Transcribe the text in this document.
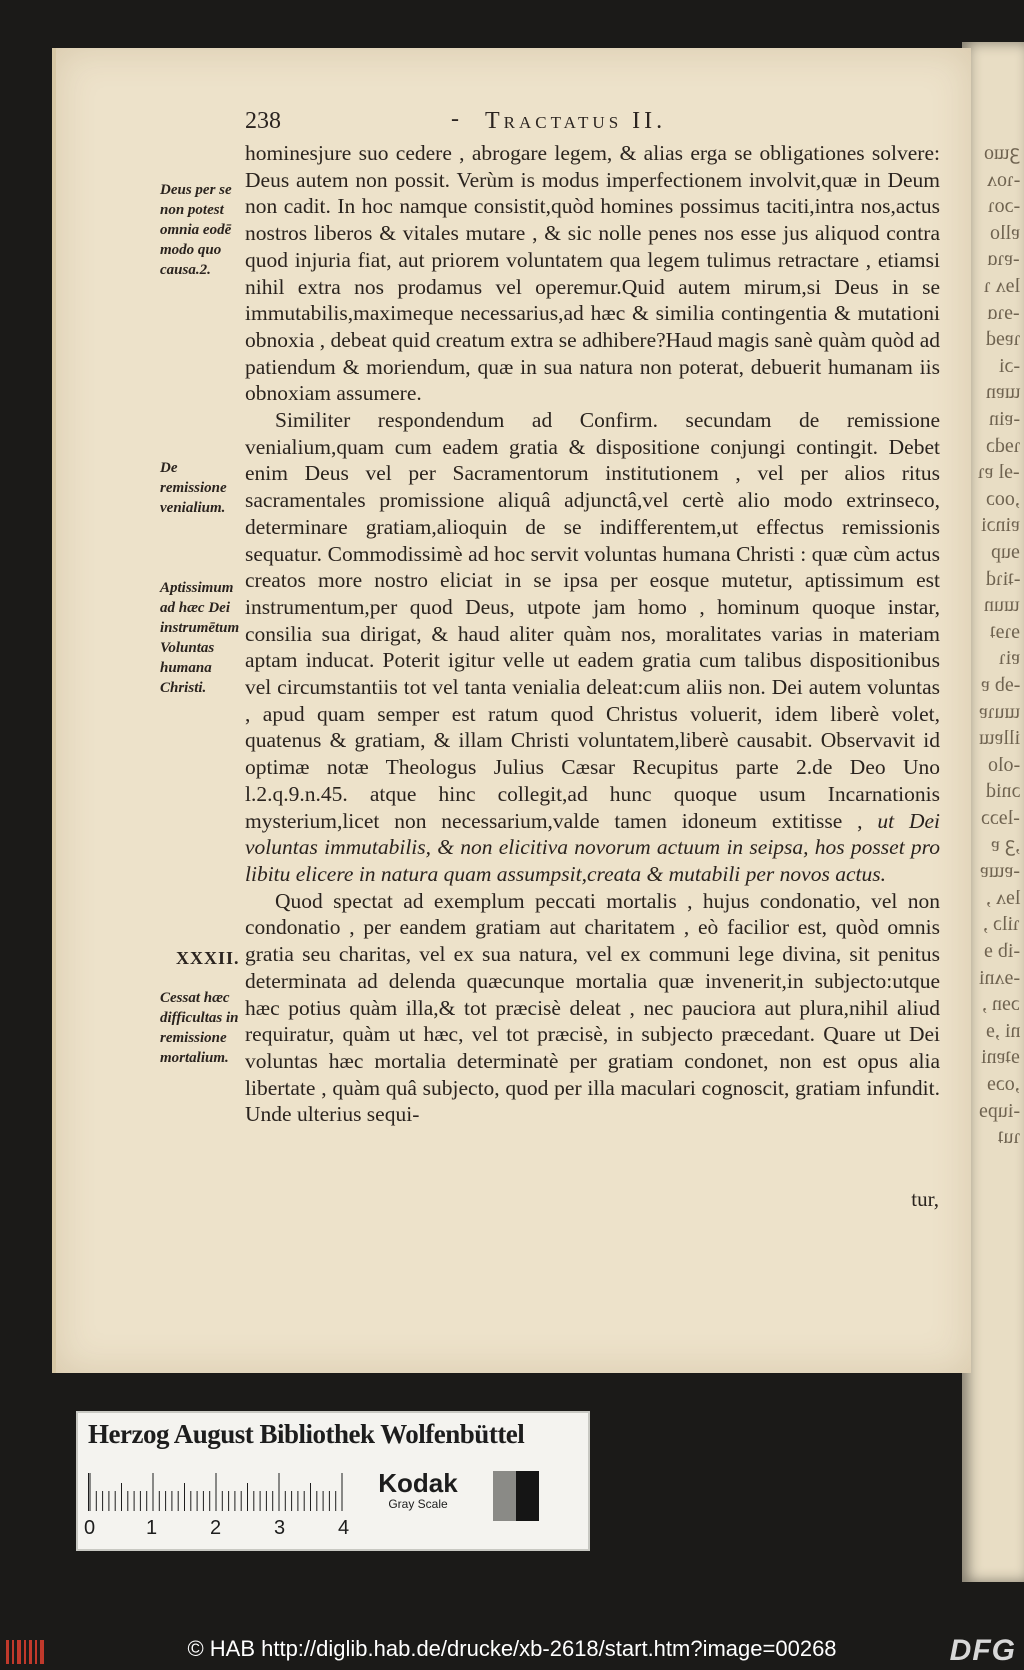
ꝫɯo
-ɿoʌ
-ɔoɿ
ɐllo
-ɐɿɑ
lɘʌ ɿ
-ɘɿɑ
ɿɐɘd
-ɔi
ɯɐn
-ɐin
ɿɘdɔ
-ɘl ɐɿ
,ooɔ
ɐinɔi
ɘup
-ʇiɿd
ɯun
ɘɿɘʇ
ɐiɿ
-ɘb ɐ
ɯuɿɐ
illɐɯ
-olo
ɔnid
-lɘɔɔ
,ꝫ ɐ
-ɐɯɐ
lɘʌ ,
ɿilɔ ,
-ib ɘ
-ɘʌni
ɔɘn ,
ni ,ɘ
ɘʇɐni
,oɔɘ
-iupɘ
ɿuʇ
238	- Tractatus II.
Deus per se non potest omnia eodē modo quo causa.2.
De remissione venialium.
Aptissimum ad hæc Dei instrumētum Voluntas humana Christi.
XXXII.
Cessat hæc difficultas in remissione mortalium.

hominesjure suo cedere , abrogare legem, & alias erga se obligationes solvere: Deus autem non possit. Verùm is modus imperfectionem involvit,quæ in Deum non cadit. In hoc namque consistit,quòd homines possimus taciti,intra nos,actus nostros liberos & vitales mutare , & sic nolle penes nos esse jus aliquod contra quod injuria fiat, aut priorem voluntatem qua legem tulimus retractare , etiamsi nihil extra nos prodamus vel operemur.Quid autem mirum,si Deus in se immutabilis,maximeque necessarius,ad hæc & similia contingentia & mutationi obnoxia , debeat quid creatum extra se adhibere?Haud magis sanè quàm quòd ad patiendum & moriendum, quæ in sua natura non poterat, debuerit humanam iis obnoxiam assumere.

Similiter respondendum ad Confirm. secundam de remissione venialium,quam cum eadem gratia & dispositione conjungi contingit. Debet enim Deus vel per Sacramentorum institutionem , vel per alios ritus sacramentales promissione aliquâ adjunctâ,vel certè alio modo extrinseco, determinare gratiam,alioquin de se indifferentem,ut effectus remissionis sequatur. Commodissimè ad hoc servit voluntas humana Christi : quæ cùm actus creatos more nostro eliciat in se ipsa per eosque mutetur, aptissimum est instrumentum,per quod Deus, utpote jam homo , hominum quoque instar, consilia sua dirigat, & haud aliter quàm nos, moralitates varias in materiam aptam inducat. Poterit igitur velle ut eadem gratia cum talibus dispositionibus vel circumstantiis tot vel tanta venialia deleat:cum aliis non. Dei autem voluntas , apud quam semper est ratum quod Christus voluerit, idem liberè volet, quatenus & gratiam, & illam Christi voluntatem,liberè causabit. Observavit id optimæ notæ Theologus Julius Cæsar Recupitus parte 2.de Deo Uno l.2.q.9.n.45. atque hinc collegit,ad hunc quoque usum Incarnationis mysterium,licet non necessarium,valde tamen idoneum extitisse , ut Dei voluntas immutabilis, & non elicitiva novorum actuum in seipsa, hos posset pro libitu elicere in natura quam assumpsit,creata & mutabili per novos actus.

Quod spectat ad exemplum peccati mortalis , hujus condonatio, vel non condonatio , per eandem gratiam aut charitatem , eò facilior est, quòd omnis gratia seu charitas, vel ex sua natura, vel ex communi lege divina, sit penitus determinata ad delenda quæcunque mortalia quæ invenerit,in subjecto:utque hæc potius quàm illa,& tot præcisè deleat , nec pauciora aut plura,nihil aliud requiratur, quàm ut hæc, vel tot præcisè, in subjecto præcedant. Quare ut Dei voluntas hæc mortalia determinatè per gratiam condonet, non est opus alia libertate , quàm quâ subjecto, quod per illa maculari cognoscit, gratiam infundit. Unde ulterius sequi-

tur,
Herzog August Bibliothek Wolfenbüttel
0	1	2	3	4
Kodak
Gray Scale
© HAB http://diglib.hab.de/drucke/xb-2618/start.htm?image=00268	DFG
